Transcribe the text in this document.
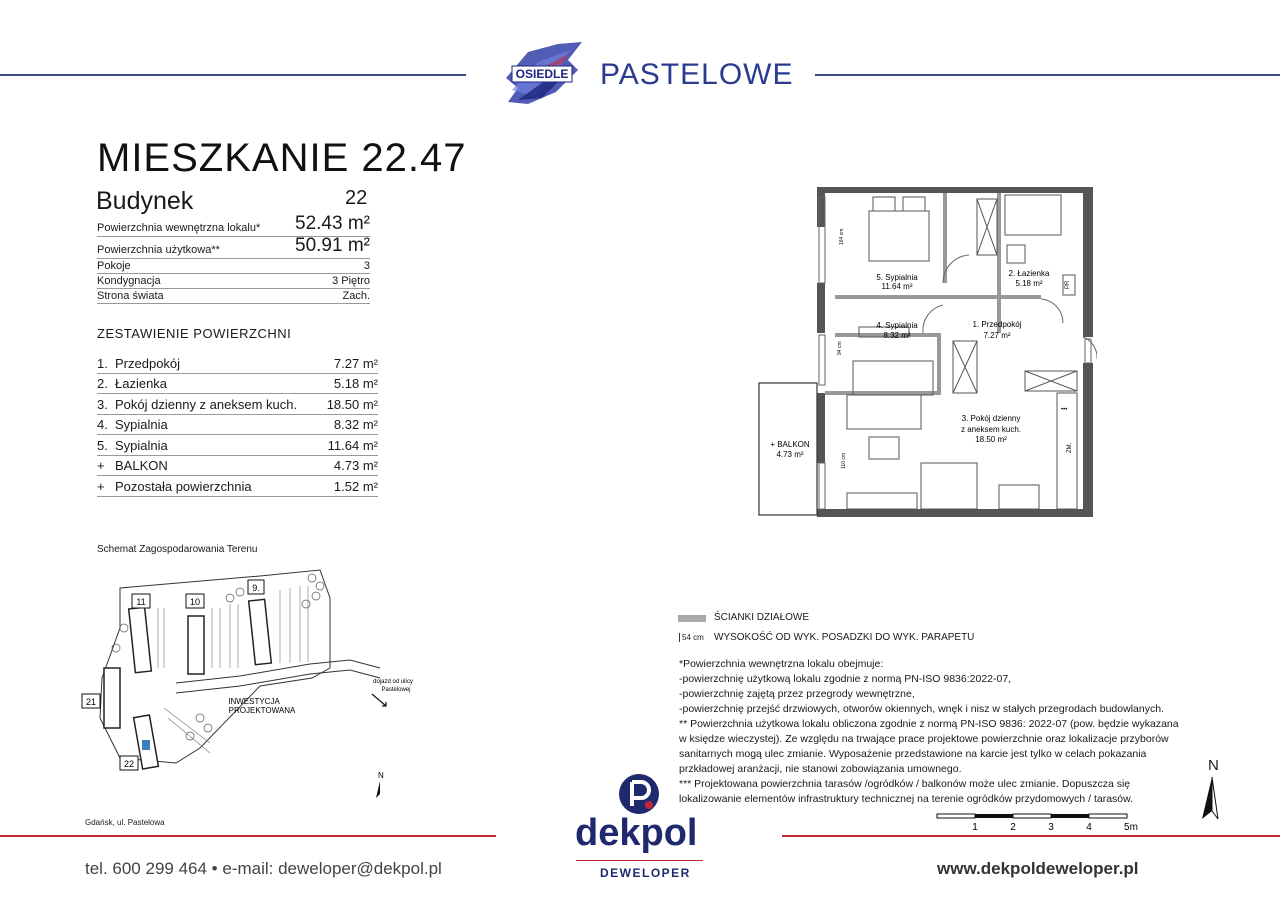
OSIEDLE PASTELOWE
MIESZKANIE 22.47
Budynek	22
Powierzchnia wewnętrzna lokalu* 52.43 m²
Powierzchnia użytkowa**	50.91 m²
Pokoje	3
Kondygnacja	3 Piętro
Strona świata	Zach.
ZESTAWIENIE POWIERZCHNI
1. Przedpokój	7.27 m²
2. Łazienka	5.18 m²
3. Pokój dzienny z aneksem kuch. 18.50 m²
4. Sypialnia	8.32 m²
5. Sypialnia	11.64 m²
+ BALKON	4.73 m²
+ Pozostała powierzchnia	1.52 m²
Schemat Zagospodarowania Terenu
9.
10
11
21
22
INWESTYCJA
PROJEKTOWANA
dojazd od ulicy
Pastelowej
N
Gdańsk, ul. Pastelowa
5. Sypialnia
11.64 m²
2. Łazienka
5.18 m²
4. Sypialnia
8.32 m²
1. Przedpokój
7.27 m²
3. Pokój dzienny
z aneksem kuch.
18.50 m²
+ BALKON
4.73 m²
164 cm
94 cm
110 cm
PR
ZM.
•••
N
ŚCIANKI DZIAŁOWE
54 cm WYSOKOŚĆ OD WYK. POSADZKI DO WYK. PARAPETU
*Powierzchnia wewnętrzna lokalu obejmuje:
-powierzchnię użytkową lokalu zgodnie z normą PN-ISO 9836:2022-07,
-powierzchnię zajętą przez przegrody wewnętrzne,
-powierzchnię przejść drzwiowych, otworów okiennych, wnęk i nisz w stałych przegrodach budowlanych.
** Powierzchnia użytkowa lokalu obliczona zgodnie z normą PN-ISO 9836: 2022-07 (pow. będzie wykazana
w księdze wieczystej). Ze względu na trwające prace projektowe powierzchnie oraz lokalizacje przyborów
sanitarnych mogą ulec zmianie. Wyposażenie przedstawione na karcie jest tylko w celach pokazania
przkładowej aranżacji, nie stanowi zobowiązania umownego.
*** Projektowana powierzchnia tarasów /ogródków / balkonów może ulec zmianie. Dopuszcza się
lokalizowanie elementów infrastruktury technicznej na terenie ogródków przydomowych / tarasów.
1	2	3	4	5m
dekpol
DEWELOPER
tel. 600 299 464 • e-mail: deweloper@dekpol.pl	www.dekpoldeweloper.pl
